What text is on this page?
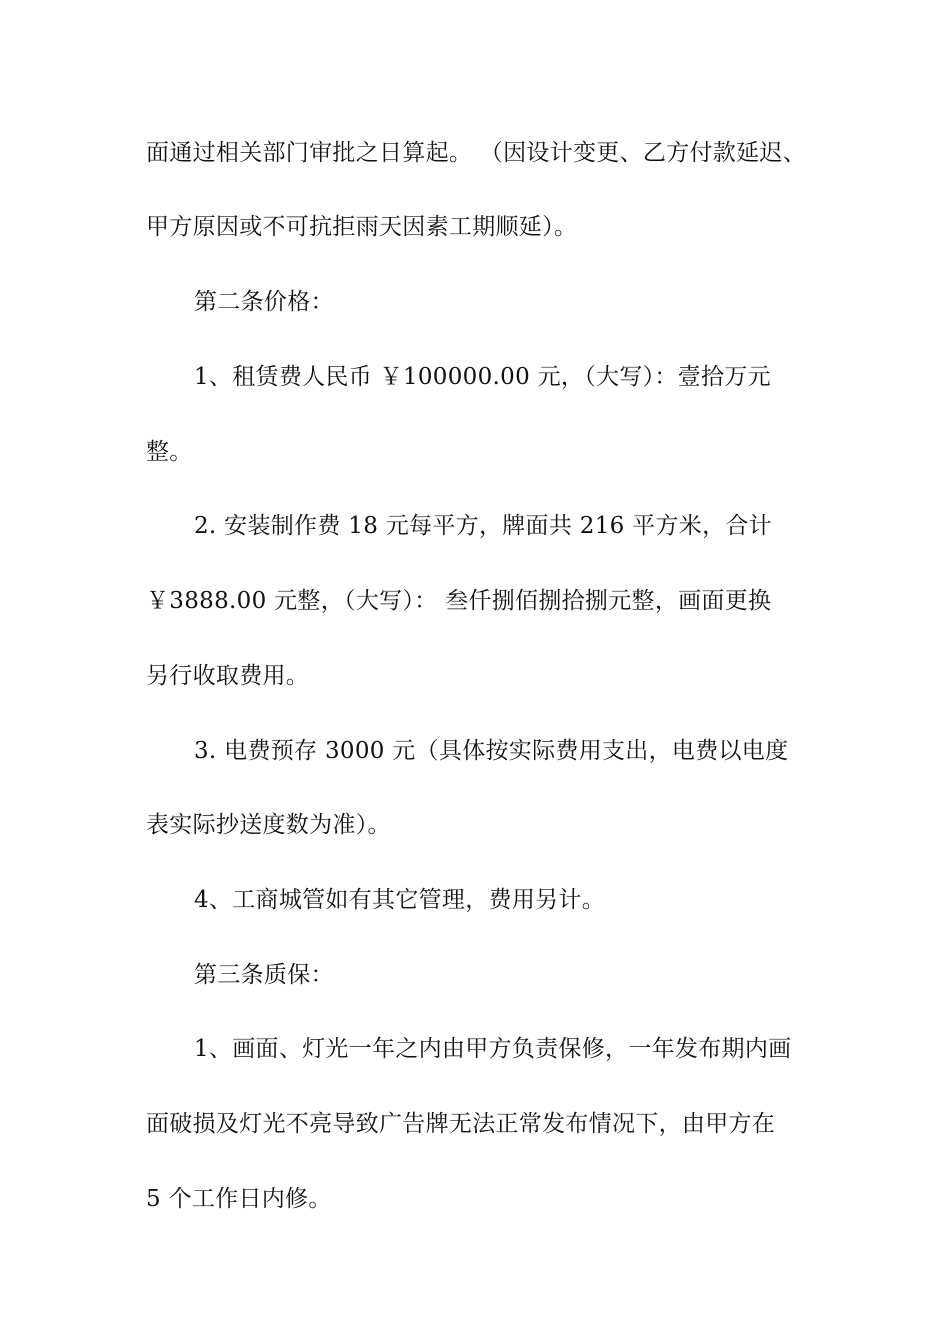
面通过相关部门审批之日算起。 （因设计变更、乙方付款延迟、
甲方原因或不可抗拒雨天因素工期顺延）。
第二条价格：
1、租赁费人民币 ￥100000.00 元，（大写）：壹拾万元
整。
2. 安装制作费 18 元每平方，牌面共 216 平方米，合计
￥3888.00 元整，（大写）： 叁仟捌佰捌拾捌元整，画面更换
另行收取费用。
3. 电费预存 3000 元（具体按实际费用支出，电费以电度
表实际抄送度数为准）。
4、工商城管如有其它管理，费用另计。
第三条质保：
1、画面、灯光一年之内由甲方负责保修，一年发布期内画
面破损及灯光不亮导致广告牌无法正常发布情况下，由甲方在
5 个工作日内修。
